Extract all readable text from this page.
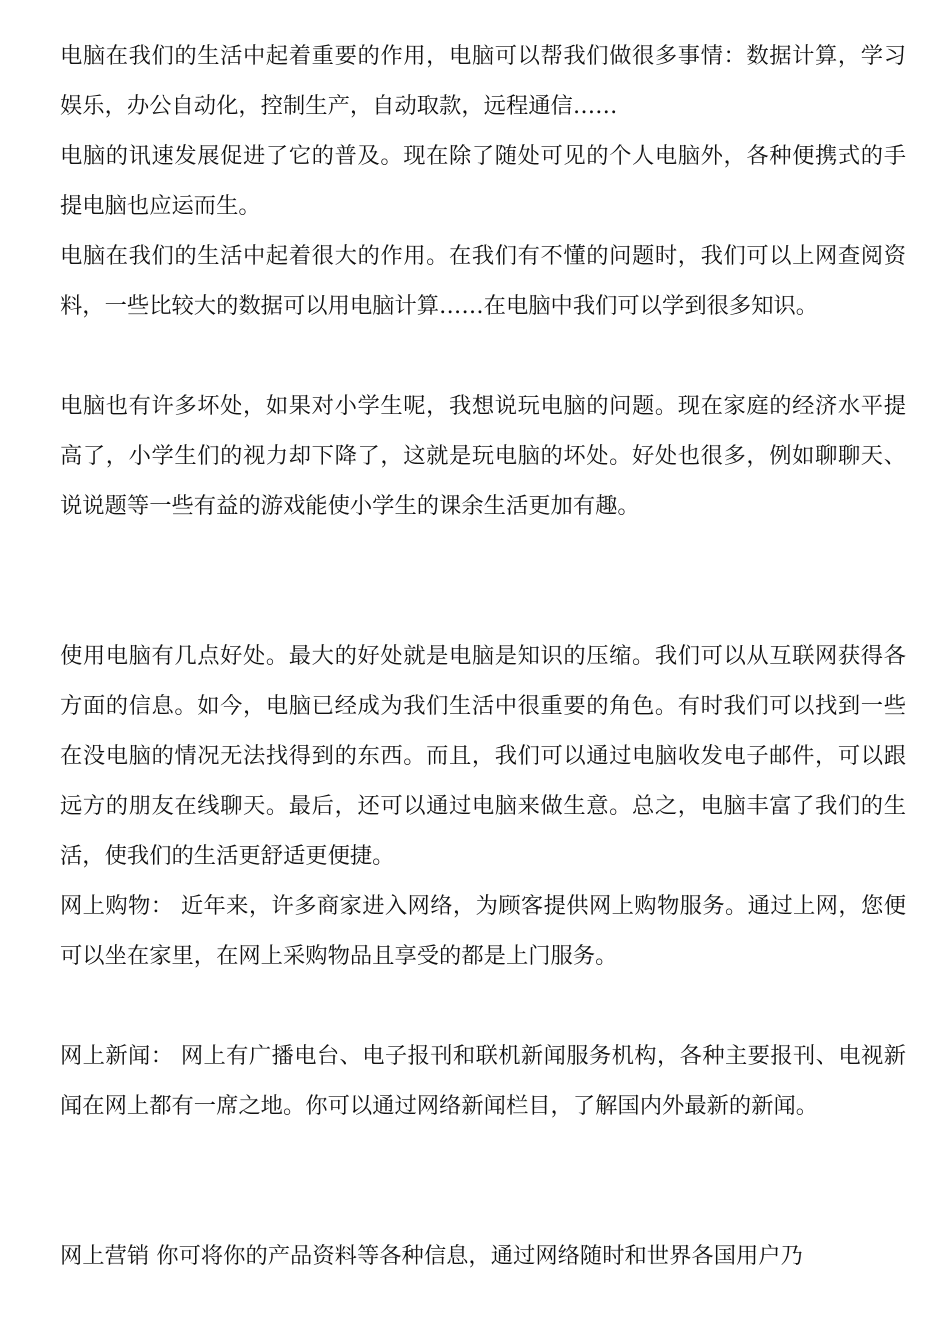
电脑在我们的生活中起着重要的作用，电脑可以帮我们做很多事情：数据计算，学习娱乐，办公自动化，控制生产，自动取款，远程通信……

电脑的讯速发展促进了它的普及。现在除了随处可见的个人电脑外，各种便携式的手提电脑也应运而生。

电脑在我们的生活中起着很大的作用。在我们有不懂的问题时，我们可以上网查阅资料，一些比较大的数据可以用电脑计算……在电脑中我们可以学到很多知识。

电脑也有许多坏处，如果对小学生呢，我想说玩电脑的问题。现在家庭的经济水平提高了，小学生们的视力却下降了，这就是玩电脑的坏处。好处也很多，例如聊聊天、说说题等一些有益的游戏能使小学生的课余生活更加有趣。

使用电脑有几点好处。最大的好处就是电脑是知识的压缩。我们可以从互联网获得各方面的信息。如今，电脑已经成为我们生活中很重要的角色。有时我们可以找到一些在没电脑的情况无法找得到的东西。而且，我们可以通过电脑收发电子邮件，可以跟远方的朋友在线聊天。最后，还可以通过电脑来做生意。总之，电脑丰富了我们的生活，使我们的生活更舒适更便捷。

网上购物： 近年来，许多商家进入网络，为顾客提供网上购物服务。通过上网，您便可以坐在家里，在网上采购物品且享受的都是上门服务。

网上新闻： 网上有广播电台、电子报刊和联机新闻服务机构，各种主要报刊、电视新闻在网上都有一席之地。你可以通过网络新闻栏目，了解国内外最新的新闻。

网上营销 你可将你的产品资料等各种信息，通过网络随时和世界各国用户乃
